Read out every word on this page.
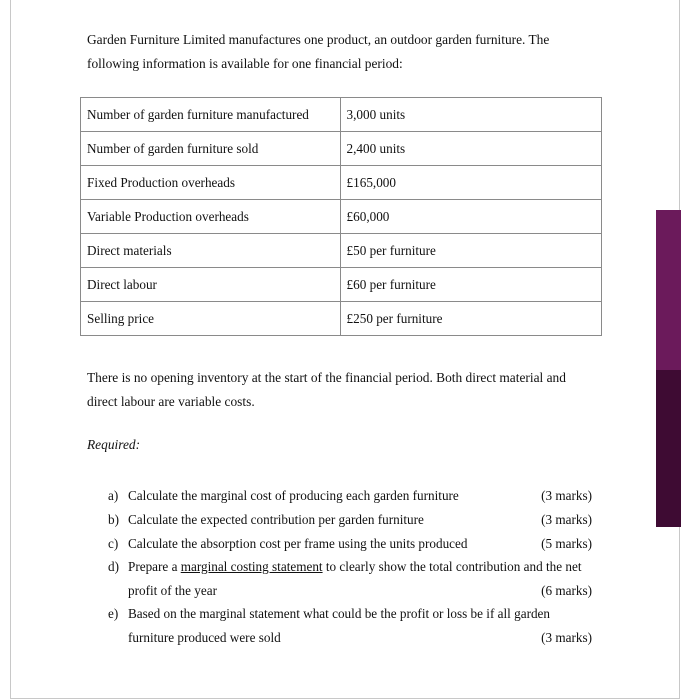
Garden Furniture Limited manufactures one product, an outdoor garden furniture. The
following information is available for one financial period:
Number of garden furniture manufactured	3,000 units
Number of garden furniture sold	2,400 units
Fixed Production overheads	£165,000
Variable Production overheads	£60,000
Direct materials	£50 per furniture
Direct labour	£60 per furniture
Selling price	£250 per furniture
There is no opening inventory at the start of the financial period. Both direct material and
direct labour are variable costs.
Required:
a) Calculate the marginal cost of producing each garden furniture	(3 marks)
b) Calculate the expected contribution per garden furniture	(3 marks)
c) Calculate the absorption cost per frame using the units produced	(5 marks)
d) Prepare a marginal costing statement to clearly show the total contribution and the net
profit of the year	(6 marks)
e) Based on the marginal statement what could be the profit or loss be if all garden
furniture produced were sold	(3 marks)
